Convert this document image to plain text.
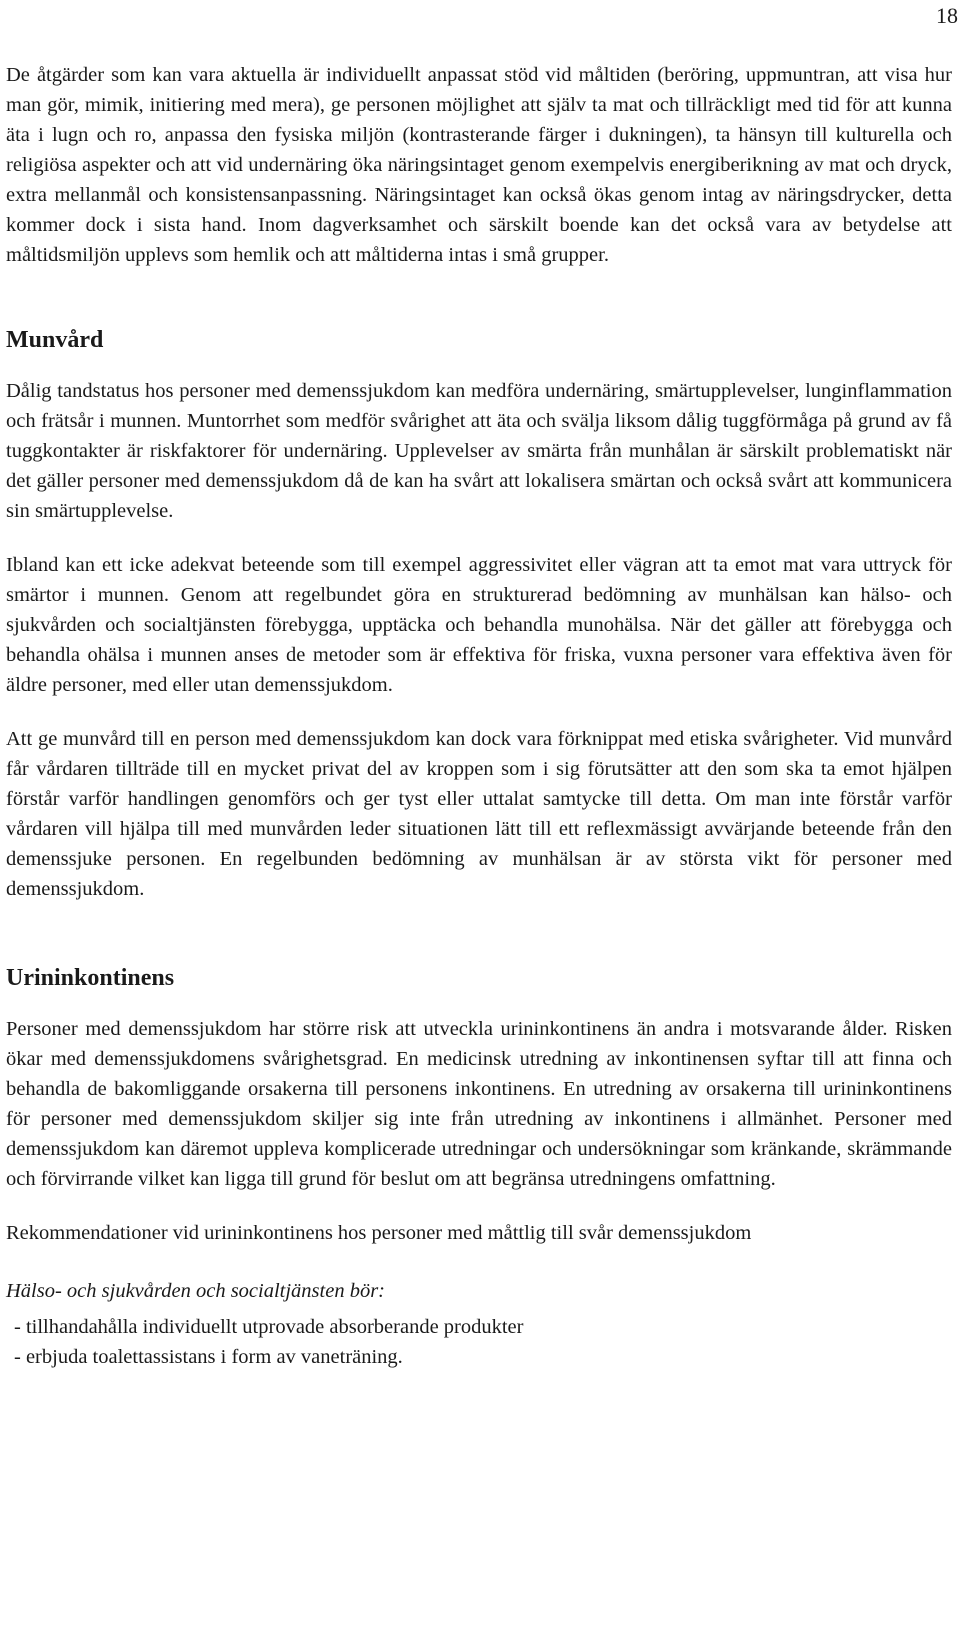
18

De åtgärder som kan vara aktuella är individuellt anpassat stöd vid måltiden (beröring, uppmuntran, att visa hur man gör, mimik, initiering med mera), ge personen möjlighet att själv ta mat och tillräckligt med tid för att kunna äta i lugn och ro, anpassa den fysiska miljön (kontrasterande färger i dukningen), ta hänsyn till kulturella och religiösa aspekter och att vid undernäring öka näringsintaget genom exempelvis energiberikning av mat och dryck, extra mellanmål och konsistensanpassning. Näringsintaget kan också ökas genom intag av näringsdrycker, detta kommer dock i sista hand. Inom dagverksamhet och särskilt boende kan det också vara av betydelse att måltidsmiljön upplevs som hemlik och att måltiderna intas i små grupper.

Munvård

Dålig tandstatus hos personer med demenssjukdom kan medföra undernäring, smärtupplevelser, lunginflammation och frätsår i munnen. Muntorrhet som medför svårighet att äta och svälja liksom dålig tuggförmåga på grund av få tuggkontakter är riskfaktorer för undernäring. Upplevelser av smärta från munhålan är särskilt problematiskt när det gäller personer med demenssjukdom då de kan ha svårt att lokalisera smärtan och också svårt att kommunicera sin smärtupplevelse.

Ibland kan ett icke adekvat beteende som till exempel aggressivitet eller vägran att ta emot mat vara uttryck för smärtor i munnen. Genom att regelbundet göra en strukturerad bedömning av munhälsan kan hälso- och sjukvården och socialtjänsten förebygga, upptäcka och behandla munohälsa. När det gäller att förebygga och behandla ohälsa i munnen anses de metoder som är effektiva för friska, vuxna personer vara effektiva även för äldre personer, med eller utan demenssjukdom.

Att ge munvård till en person med demenssjukdom kan dock vara förknippat med etiska svårigheter. Vid munvård får vårdaren tillträde till en mycket privat del av kroppen som i sig förutsätter att den som ska ta emot hjälpen förstår varför handlingen genomförs och ger tyst eller uttalat samtycke till detta. Om man inte förstår varför vårdaren vill hjälpa till med munvården leder situationen lätt till ett reflexmässigt avvärjande beteende från den demenssjuke personen. En regelbunden bedömning av munhälsan är av största vikt för personer med demenssjukdom.

Urininkontinens

Personer med demenssjukdom har större risk att utveckla urininkontinens än andra i motsvarande ålder. Risken ökar med demenssjukdomens svårighetsgrad. En medicinsk utredning av inkontinensen syftar till att finna och behandla de bakomliggande orsakerna till personens inkontinens. En utredning av orsakerna till urininkontinens för personer med demenssjukdom skiljer sig inte från utredning av inkontinens i allmänhet. Personer med demenssjukdom kan däremot uppleva komplicerade utredningar och undersökningar som kränkande, skrämmande och förvirrande vilket kan ligga till grund för beslut om att begränsa utredningens omfattning.

Rekommendationer vid urininkontinens hos personer med måttlig till svår demenssjukdom

Hälso- och sjukvården och socialtjänsten bör:
- tillhandahålla individuellt utprovade absorberande produkter
- erbjuda toalettassistans i form av vaneträning.
